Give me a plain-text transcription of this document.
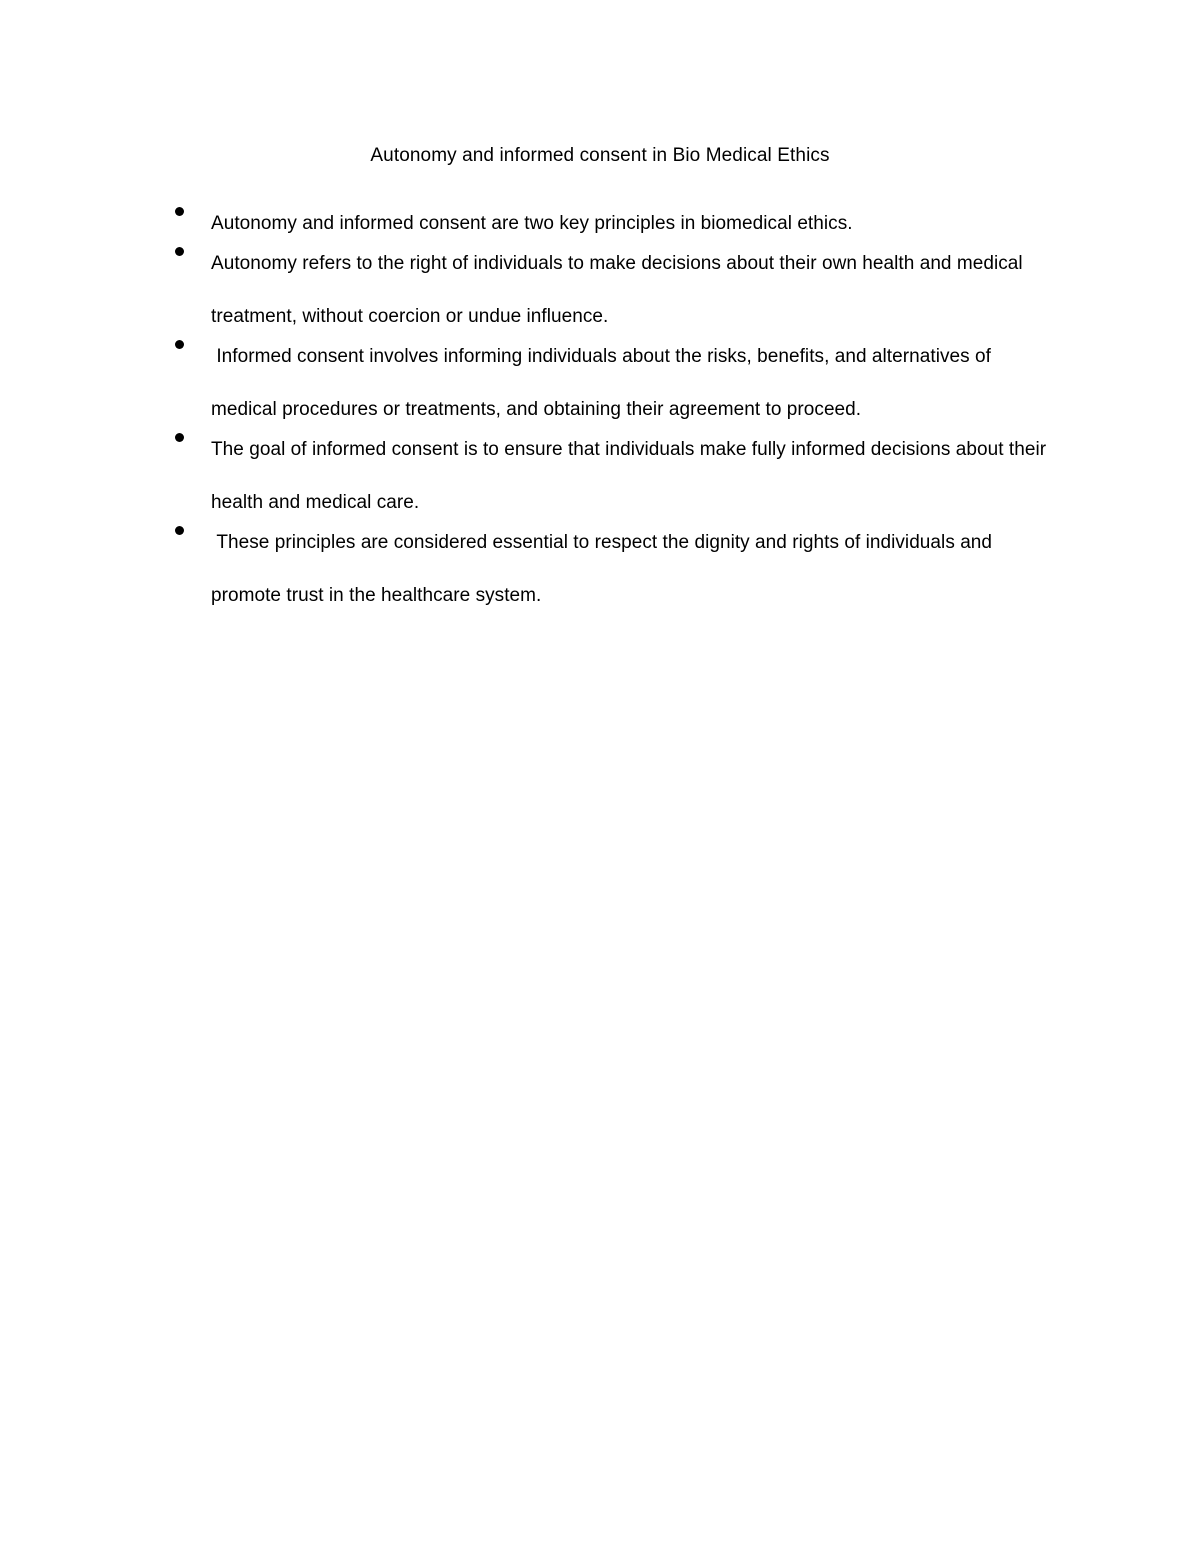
Autonomy and informed consent in Bio Medical Ethics
Autonomy and informed consent are two key principles in biomedical ethics.
Autonomy refers to the right of individuals to make decisions about their own health and medical treatment, without coercion or undue influence.
Informed consent involves informing individuals about the risks, benefits, and alternatives of medical procedures or treatments, and obtaining their agreement to proceed.
The goal of informed consent is to ensure that individuals make fully informed decisions about their health and medical care.
These principles are considered essential to respect the dignity and rights of individuals and promote trust in the healthcare system.
